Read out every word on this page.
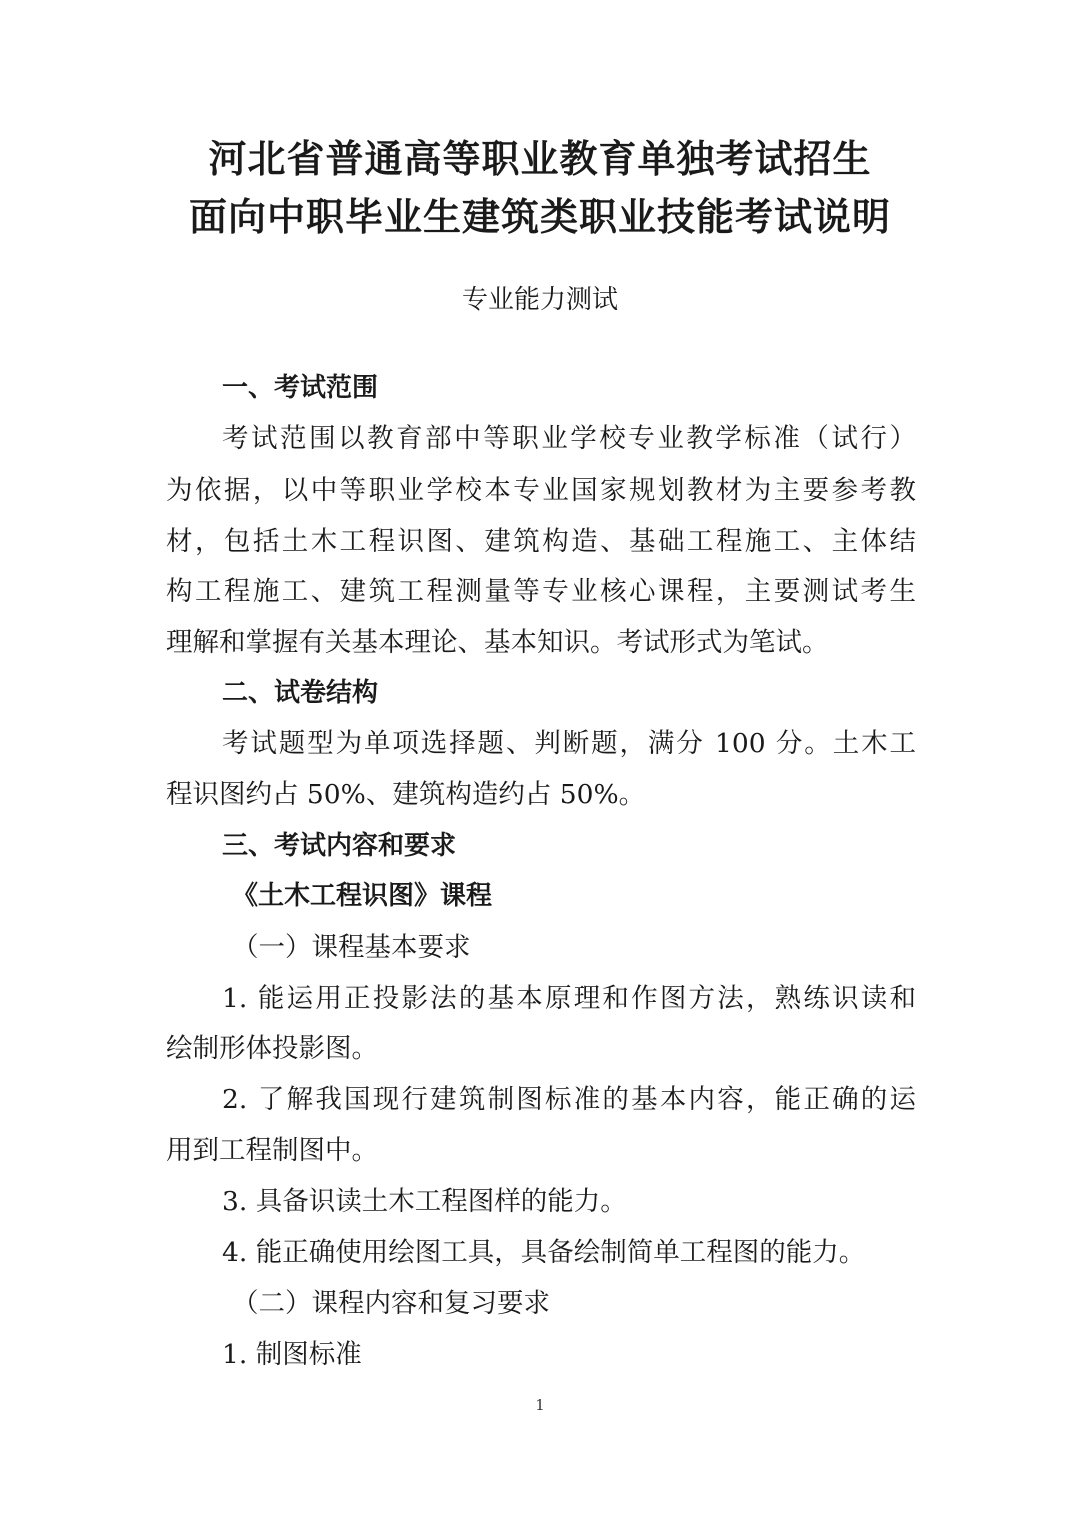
河北省普通高等职业教育单独考试招生
面向中职毕业生建筑类职业技能考试说明
专业能力测试
一、考试范围
考试范围以教育部中等职业学校专业教学标准（试行）
为依据，以中等职业学校本专业国家规划教材为主要参考教
材，包括土木工程识图、建筑构造、基础工程施工、主体结
构工程施工、建筑工程测量等专业核心课程，主要测试考生
理解和掌握有关基本理论、基本知识。考试形式为笔试。
二、试卷结构
考试题型为单项选择题、判断题，满分 100 分。土木工
程识图约占 50%、建筑构造约占 50%。
三、考试内容和要求
《土木工程识图》课程
（一）课程基本要求
1. 能运用正投影法的基本原理和作图方法，熟练识读和
绘制形体投影图。
2. 了解我国现行建筑制图标准的基本内容，能正确的运
用到工程制图中。
3. 具备识读土木工程图样的能力。
4. 能正确使用绘图工具，具备绘制简单工程图的能力。
（二）课程内容和复习要求
1. 制图标准
1
